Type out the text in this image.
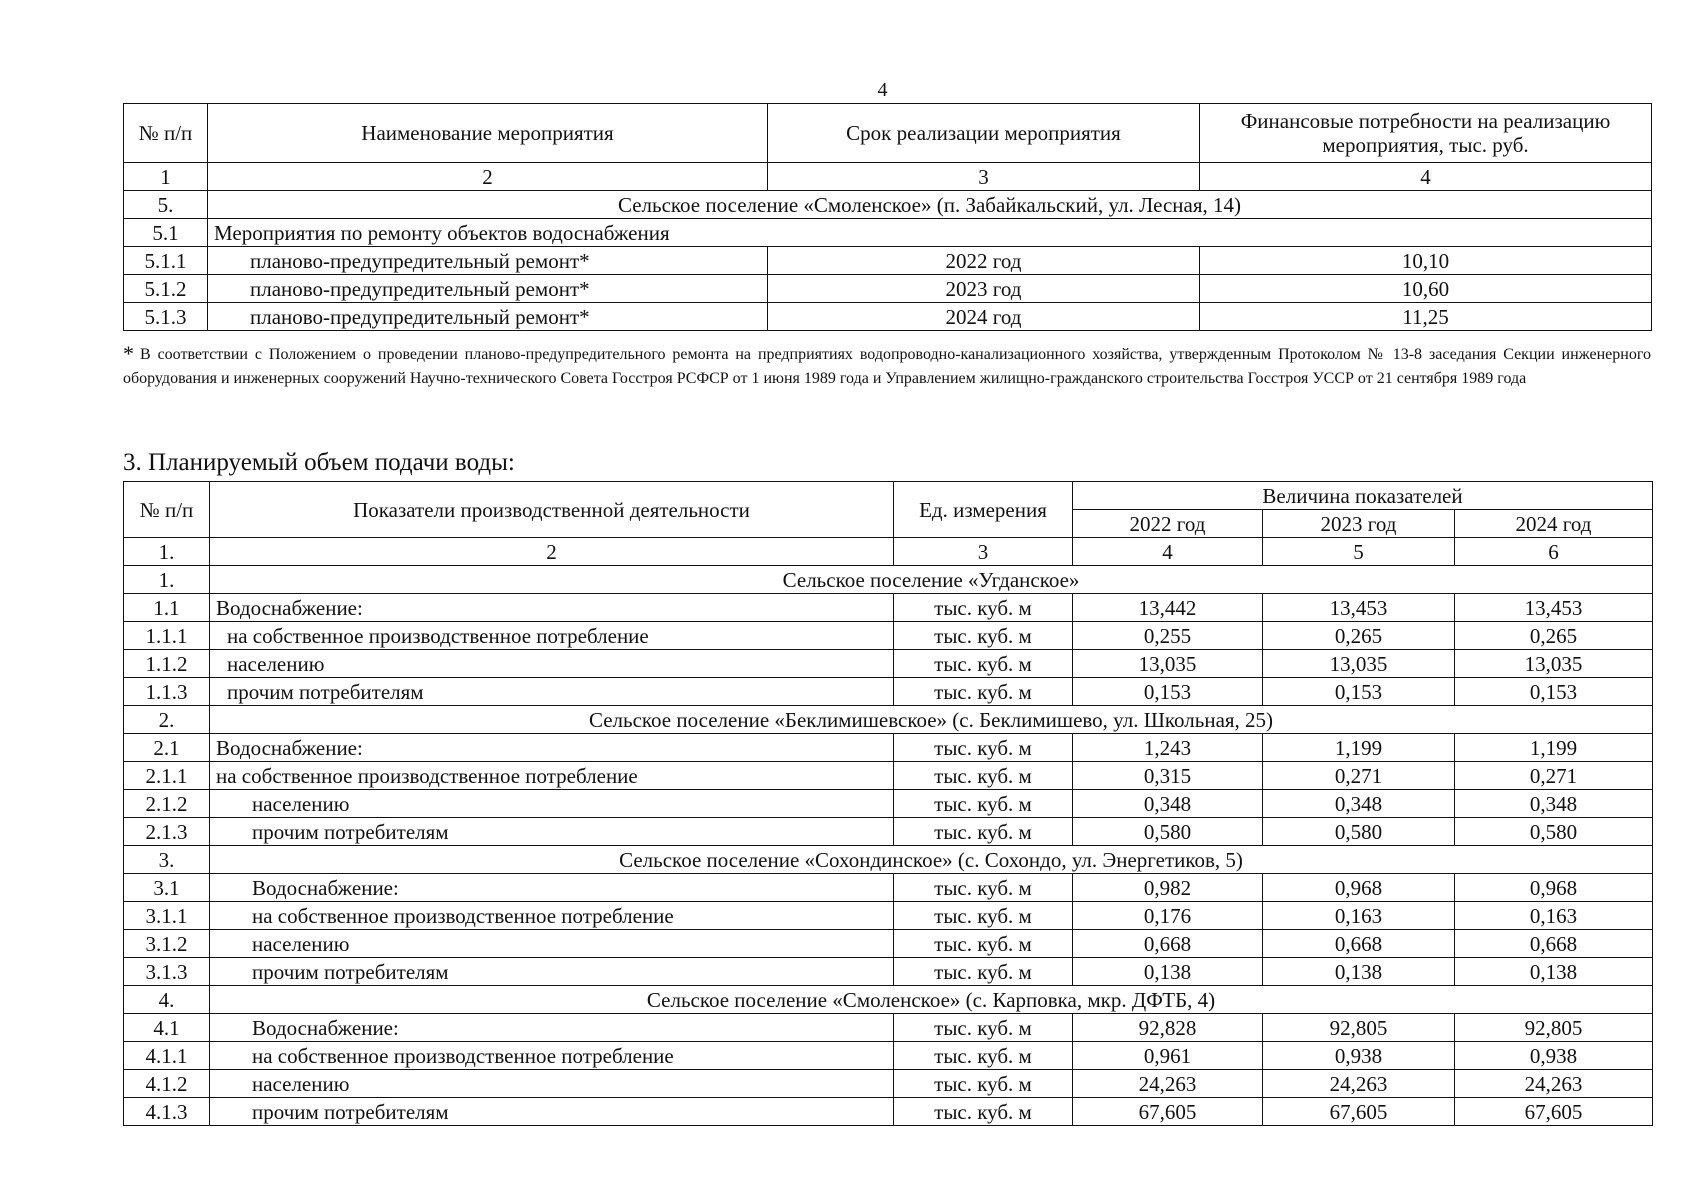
4
№ п/п	Наименование мероприятия	Срок реализации мероприятия	Финансовые потребности на реализацию мероприятия, тыс. руб.
1	2	3	4
5.	Сельское поселение «Смоленское» (п. Забайкальский, ул. Лесная, 14)		
5.1	Мероприятия по ремонту объектов водоснабжения		
5.1.1	планово-предупредительный ремонт*	2022 год	10,10
5.1.2	планово-предупредительный ремонт*	2023 год	10,60
5.1.3	планово-предупредительный ремонт*	2024 год	11,25
* В соответствии с Положением о проведении планово-предупредительного ремонта на предприятиях водопроводно-канализационного хозяйства, утвержденным Протоколом № 13-8 заседания Секции инженерного оборудования и инженерных сооружений Научно-технического Совета Госстроя РСФСР от 1 июня 1989 года и Управлением жилищно-гражданского строительства Госстроя УССР от 21 сентября 1989 года
3. Планируемый объем подачи воды:
№ п/п	Показатели производственной деятельности	Ед. измерения	Величина показателей		
			2022 год	2023 год	2024 год
1.	2	3	4	5	6
1.	Сельское поселение «Угданское»				
1.1	Водоснабжение:	тыс. куб. м	13,442	13,453	13,453
1.1.1	на собственное производственное потребление	тыс. куб. м	0,255	0,265	0,265
1.1.2	населению	тыс. куб. м	13,035	13,035	13,035
1.1.3	прочим потребителям	тыс. куб. м	0,153	0,153	0,153
2.	Сельское поселение «Беклимишевское» (с. Беклимишево, ул. Школьная, 25)				
2.1	Водоснабжение:	тыс. куб. м	1,243	1,199	1,199
2.1.1	на собственное производственное потребление	тыс. куб. м	0,315	0,271	0,271
2.1.2	населению	тыс. куб. м	0,348	0,348	0,348
2.1.3	прочим потребителям	тыс. куб. м	0,580	0,580	0,580
3.	Сельское поселение «Сохондинское» (с. Сохондо, ул. Энергетиков, 5)				
3.1	Водоснабжение:	тыс. куб. м	0,982	0,968	0,968
3.1.1	на собственное производственное потребление	тыс. куб. м	0,176	0,163	0,163
3.1.2	населению	тыс. куб. м	0,668	0,668	0,668
3.1.3	прочим потребителям	тыс. куб. м	0,138	0,138	0,138
4.	Сельское поселение «Смоленское» (с. Карповка, мкр. ДФТБ, 4)				
4.1	Водоснабжение:	тыс. куб. м	92,828	92,805	92,805
4.1.1	на собственное производственное потребление	тыс. куб. м	0,961	0,938	0,938
4.1.2	населению	тыс. куб. м	24,263	24,263	24,263
4.1.3	прочим потребителям	тыс. куб. м	67,605	67,605	67,605
